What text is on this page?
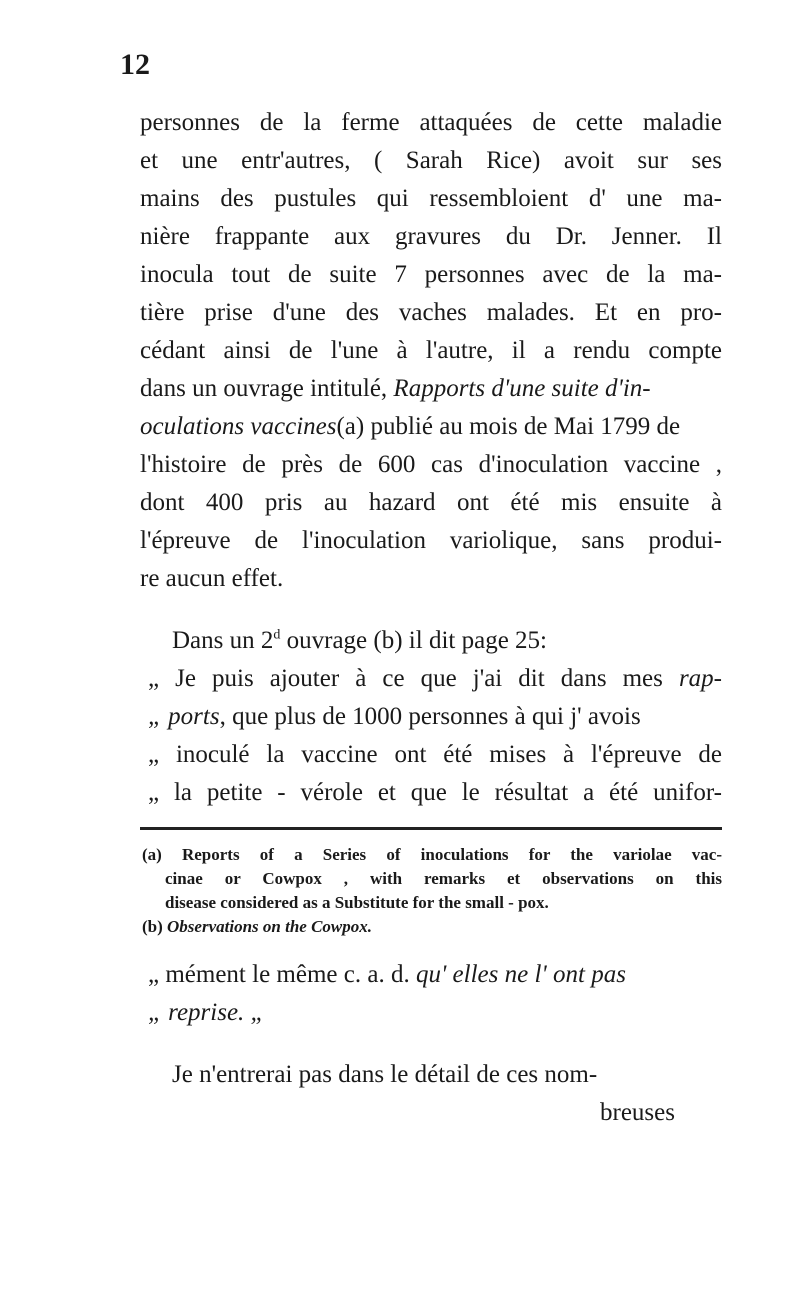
12
personnes de la ferme attaquées de cette maladie
et une entr'autres, ( Sarah Rice) avoit sur ses
mains des pustules qui ressembloient d' une ma-
nière frappante aux gravures du Dr. Jenner. Il
inocula tout de suite 7 personnes avec de la ma-
tière prise d'une des vaches malades. Et en pro-
cédant ainsi de l'une à l'autre, il a rendu compte
dans un ouvrage intitulé, Rapports d'une suite d'in-
oculations vaccines(a) publié au mois de Mai 1799 de
l'histoire de près de 600 cas d'inoculation vaccine ,
dont 400 pris au hazard ont été mis ensuite à
l'épreuve de l'inoculation variolique, sans produi-
re aucun effet.
Dans un 2$^d$ ouvrage (b) il dit page 25:
„ Je puis ajouter à ce que j'ai dit dans mes rap-
„ ports, que plus de 1000 personnes à qui j' avois
„ inoculé la vaccine ont été mises à l'épreuve de
„ la petite - vérole et que le résultat a été unifor-
(a) Reports of a Series of inoculations for the variolae vac-
cinae or Cowpox , with remarks et observations on this
disease considered as a Substitute for the small - pox.
(b) Observations on the Cowpox.
„ mément le même c. a. d. qu' elles ne l' ont pas
„ reprise. „
Je n'entrerai pas dans le détail de ces nom-
breuses
